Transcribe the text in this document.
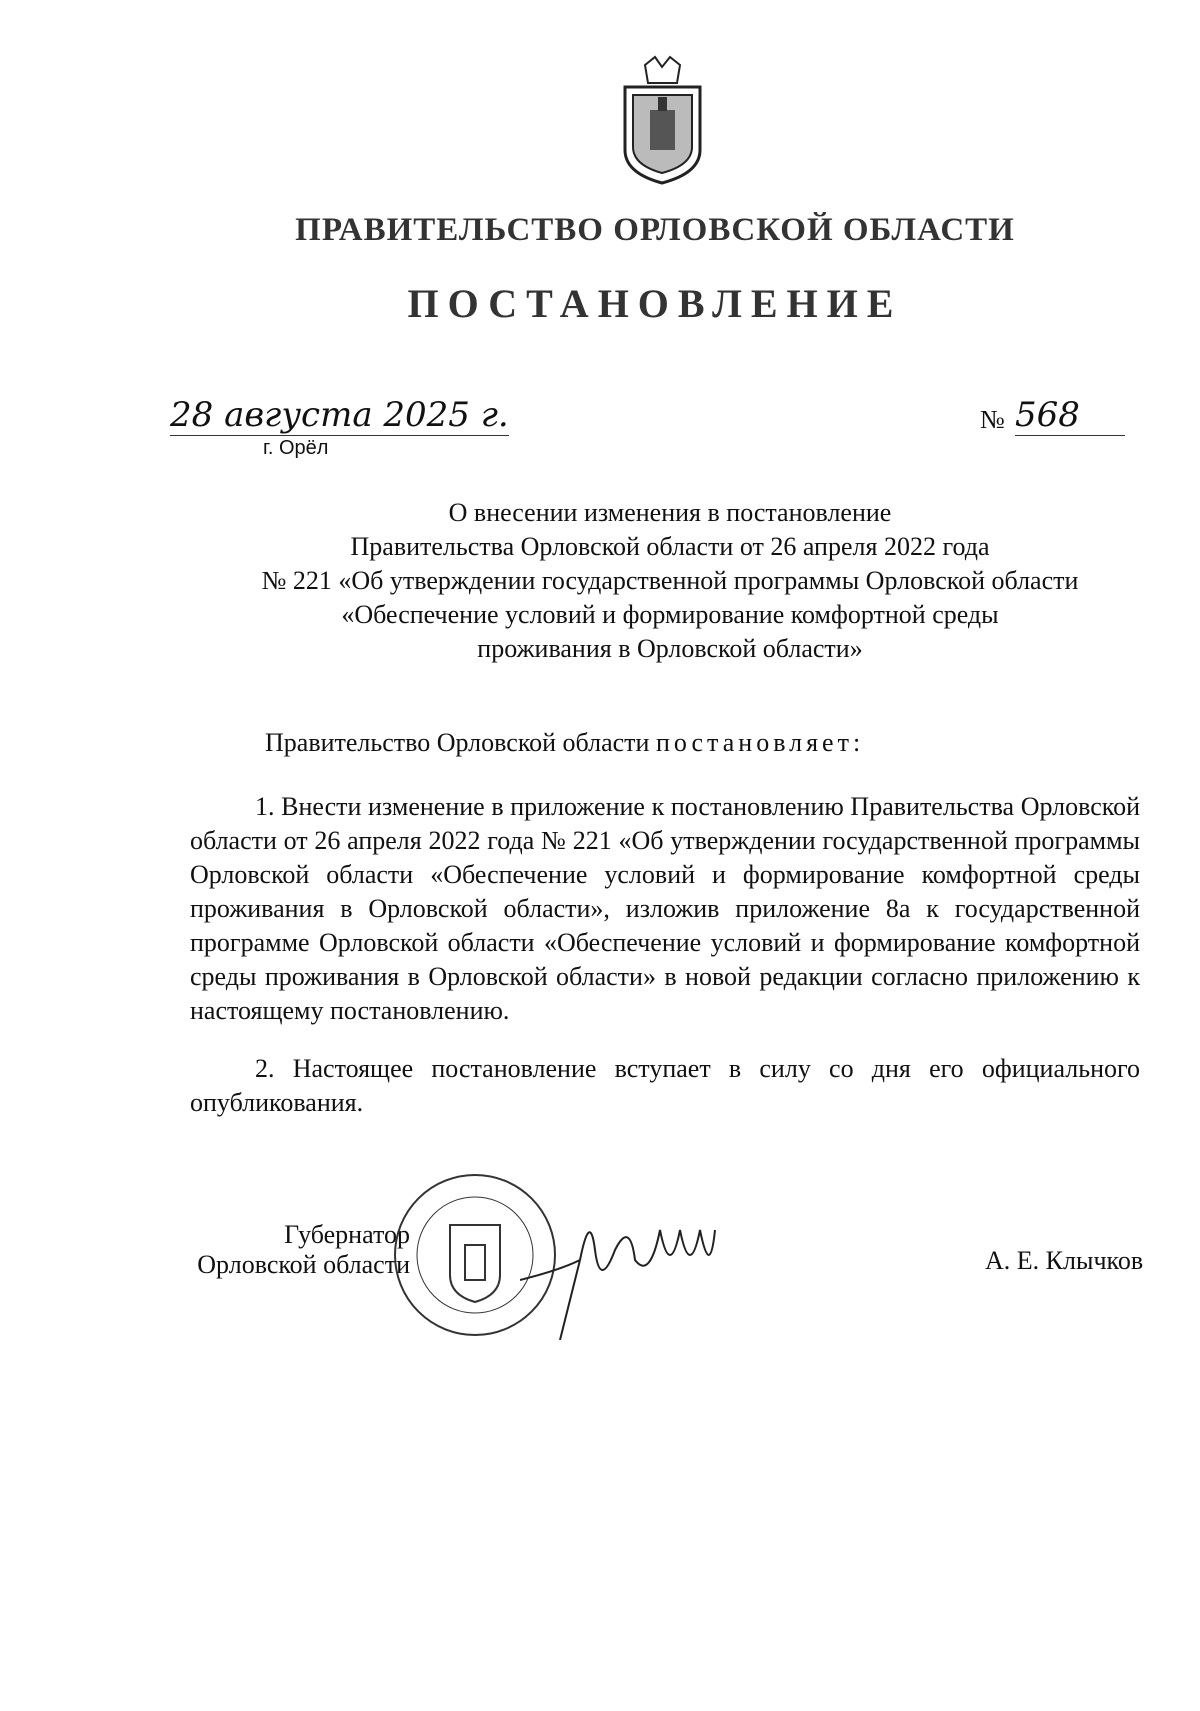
ПРАВИТЕЛЬСТВО ОРЛОВСКОЙ ОБЛАСТИ
ПОСТАНОВЛЕНИЕ
28 августа 2025 г.
г. Орёл
№ 568
О внесении изменения в постановление
Правительства Орловской области от 26 апреля 2022 года
№ 221 «Об утверждении государственной программы Орловской области
«Обеспечение условий и формирование комфортной среды
проживания в Орловской области»
Правительство Орловской области постановляет:
1. Внести изменение в приложение к постановлению Правительства Орловской области от 26 апреля 2022 года № 221 «Об утверждении государственной программы Орловской области «Обеспечение условий и формирование комфортной среды проживания в Орловской области», изложив приложение 8а к государственной программе Орловской области «Обеспечение условий и формирование комфортной среды проживания в Орловской области» в новой редакции согласно приложению к настоящему постановлению.
2. Настоящее постановление вступает в силу со дня его официального опубликования.
Губернатор
Орловской области	А. Е. Клычков
